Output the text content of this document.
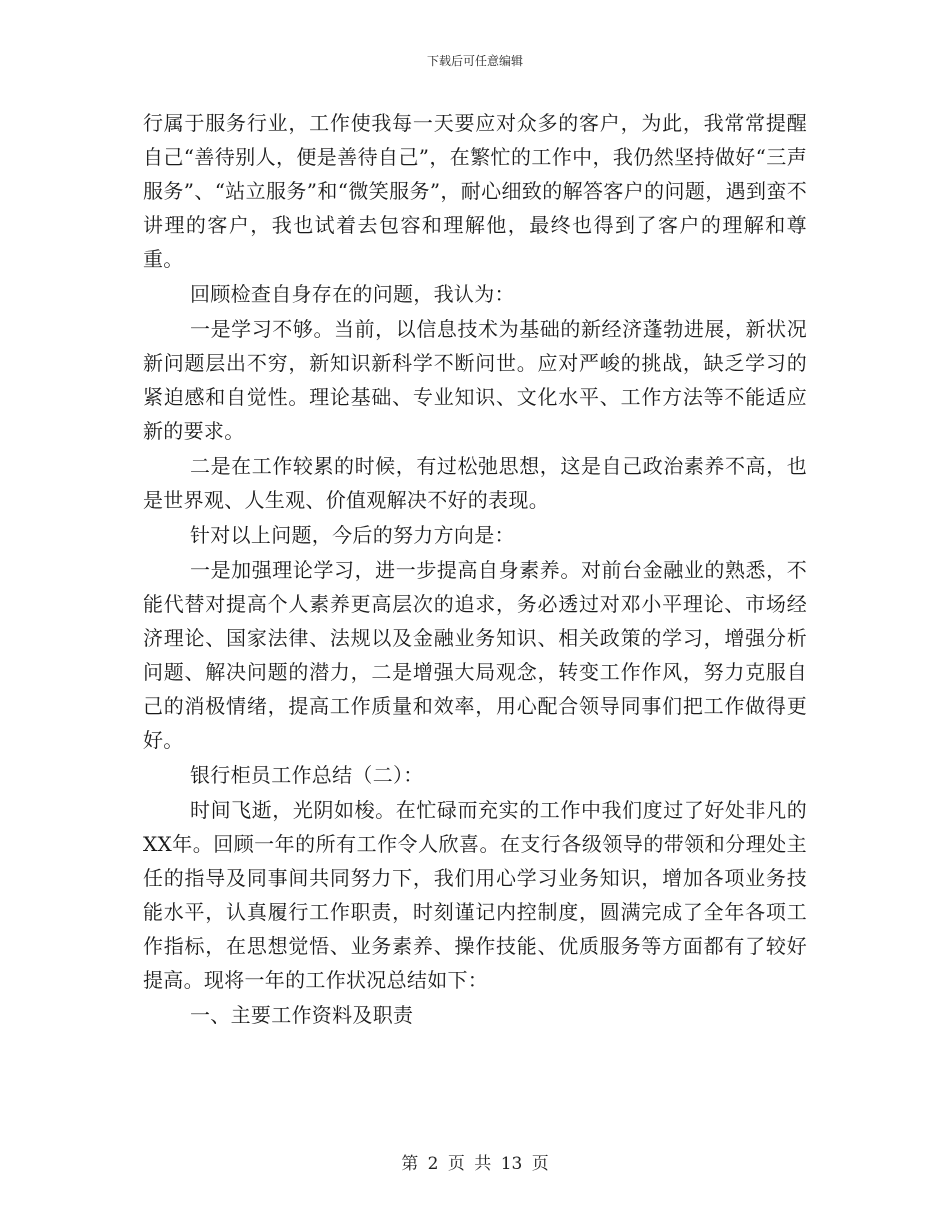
下载后可任意编辑

行属于服务行业，工作使我每一天要应对众多的客户，为此，我常常提醒自己“善待别人，便是善待自己”，在繁忙的工作中，我仍然坚持做好“三声服务”、“站立服务”和“微笑服务”，耐心细致的解答客户的问题，遇到蛮不讲理的客户，我也试着去包容和理解他，最终也得到了客户的理解和尊重。

回顾检查自身存在的问题，我认为：

一是学习不够。当前，以信息技术为基础的新经济蓬勃进展，新状况新问题层出不穷，新知识新科学不断问世。应对严峻的挑战，缺乏学习的紧迫感和自觉性。理论基础、专业知识、文化水平、工作方法等不能适应新的要求。

二是在工作较累的时候，有过松弛思想，这是自己政治素养不高，也是世界观、人生观、价值观解决不好的表现。

针对以上问题，今后的努力方向是：

一是加强理论学习，进一步提高自身素养。对前台金融业的熟悉，不能代替对提高个人素养更高层次的追求，务必透过对邓小平理论、市场经济理论、国家法律、法规以及金融业务知识、相关政策的学习，增强分析问题、解决问题的潜力，二是增强大局观念，转变工作作风，努力克服自己的消极情绪，提高工作质量和效率，用心配合领导同事们把工作做得更好。

银行柜员工作总结（二）：

时间飞逝，光阴如梭。在忙碌而充实的工作中我们度过了好处非凡的XX年。回顾一年的所有工作令人欣喜。在支行各级领导的带领和分理处主任的指导及同事间共同努力下，我们用心学习业务知识，增加各项业务技能水平，认真履行工作职责，时刻谨记内控制度，圆满完成了全年各项工作指标，在思想觉悟、业务素养、操作技能、优质服务等方面都有了较好提高。现将一年的工作状况总结如下：

一、主要工作资料及职责

第 2 页 共 13 页
